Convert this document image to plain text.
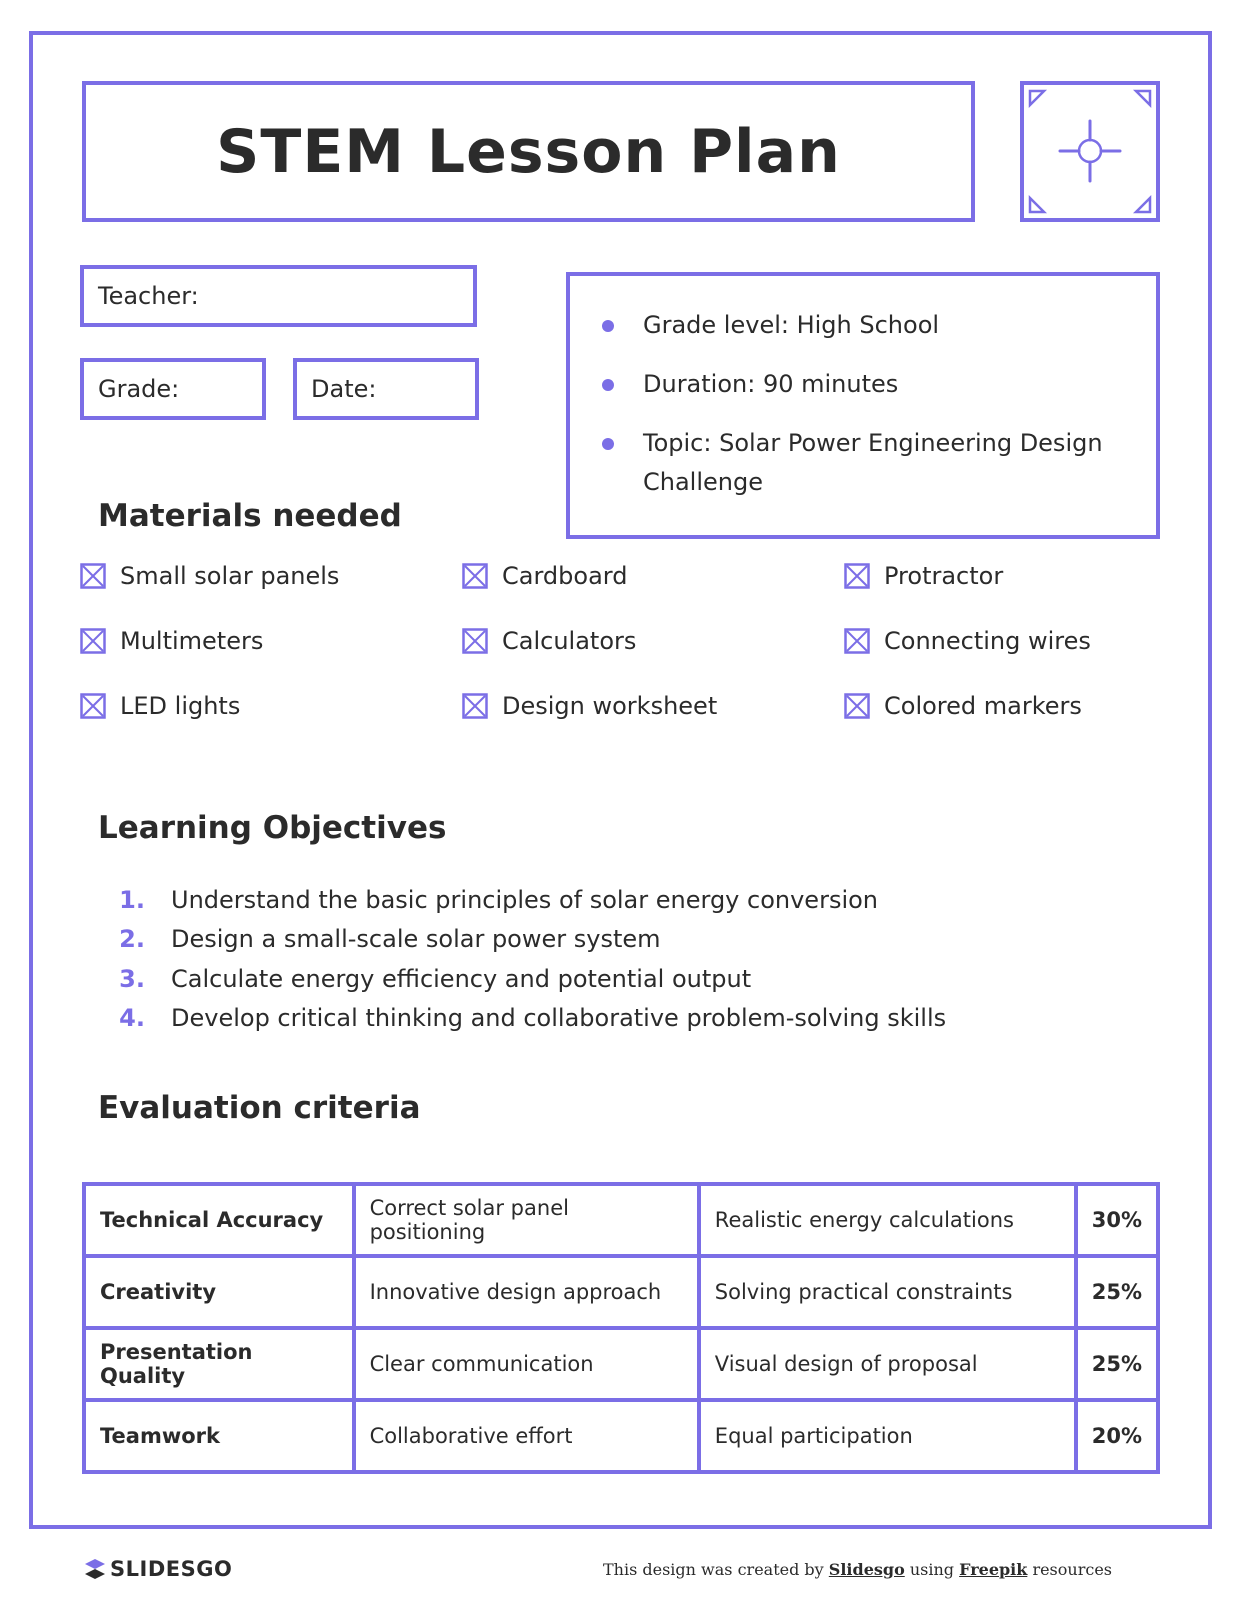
STEM Lesson Plan
Teacher:
Grade:	Date:
Grade level: High School
Duration: 90 minutes
Topic: Solar Power Engineering Design Challenge
Materials needed
Small solar panels	Cardboard	Protractor
Multimeters	Calculators	Connecting wires
LED lights	Design worksheet	Colored markers
Learning Objectives
1.	Understand the basic principles of solar energy conversion
2.	Design a small-scale solar power system
3.	Calculate energy efficiency and potential output
4.	Develop critical thinking and collaborative problem-solving skills
Evaluation criteria
Technical Accuracy	Correct solar panel positioning	Realistic energy calculations	30%
Creativity	Innovative design approach	Solving practical constraints	25%
Presentation Quality	Clear communication	Visual design of proposal	25%
Teamwork	Collaborative effort	Equal participation	20%
SLIDESGO	This design was created by Slidesgo using Freepik resources
